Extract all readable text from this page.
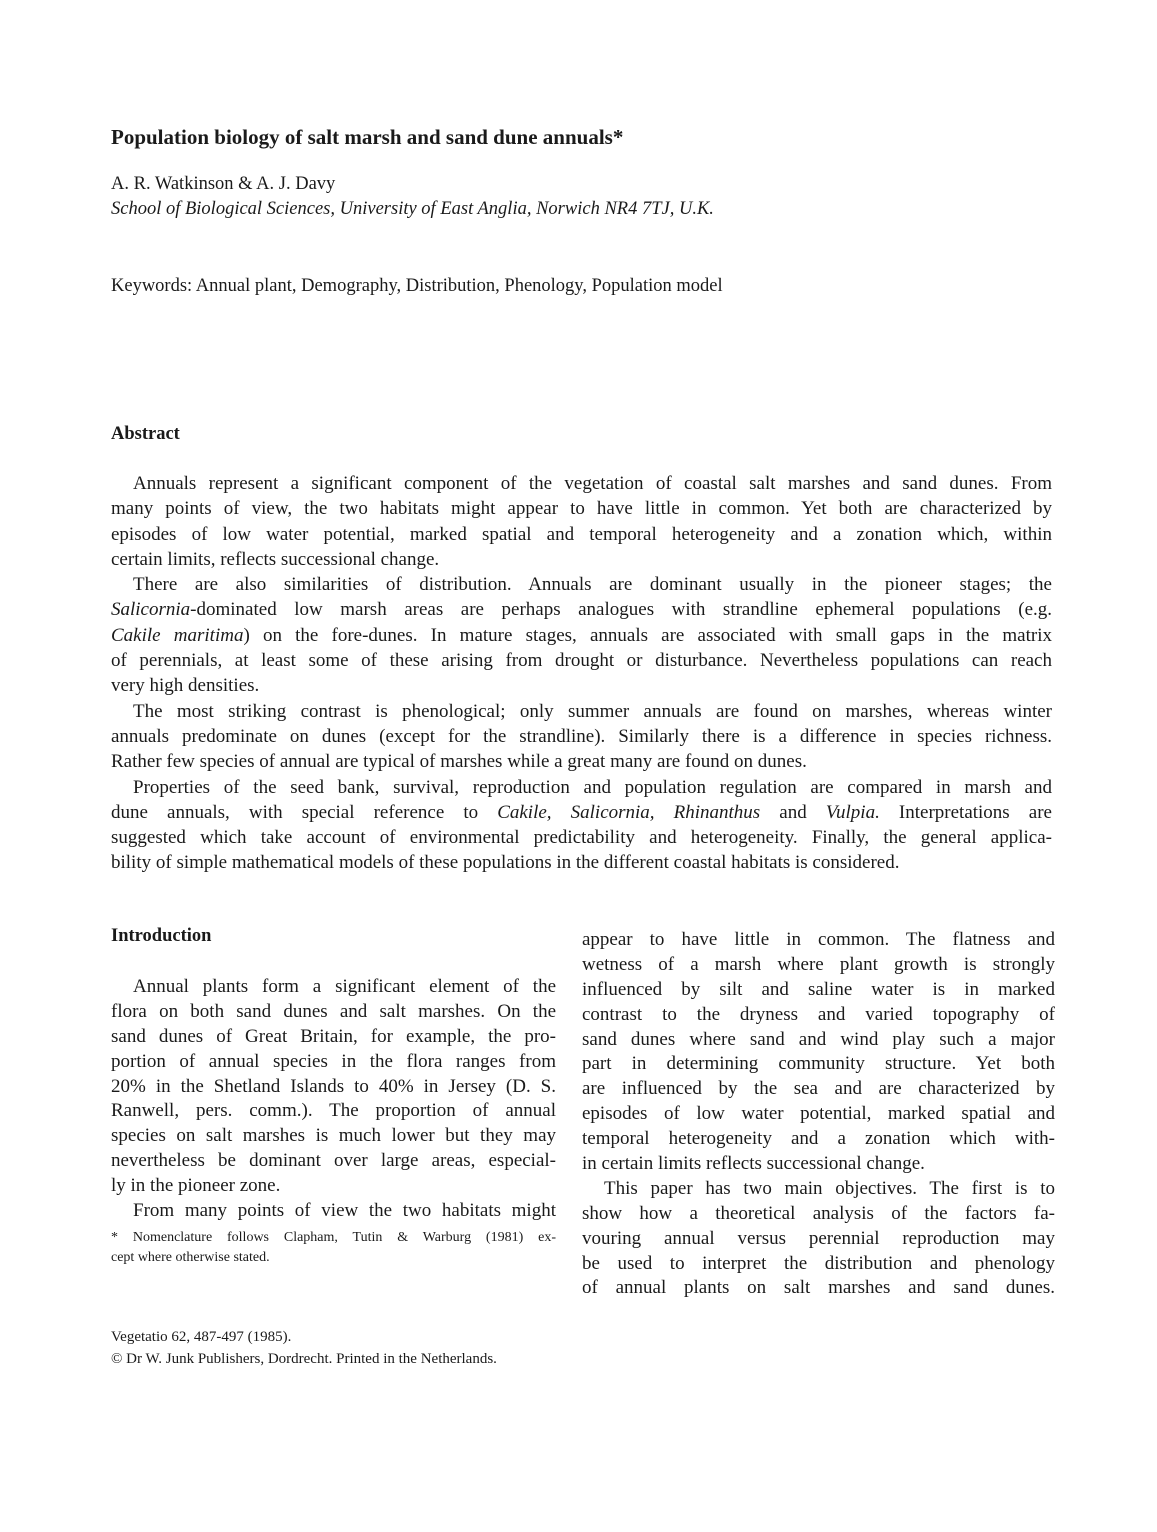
Population biology of salt marsh and sand dune annuals*
A. R. Watkinson & A. J. Davy
School of Biological Sciences, University of East Anglia, Norwich NR4 7TJ, U.K.
Keywords: Annual plant, Demography, Distribution, Phenology, Population model
Abstract
Annuals represent a significant component of the vegetation of coastal salt marshes and sand dunes. From
many points of view, the two habitats might appear to have little in common. Yet both are characterized by
episodes of low water potential, marked spatial and temporal heterogeneity and a zonation which, within
certain limits, reflects successional change.
There are also similarities of distribution. Annuals are dominant usually in the pioneer stages; the
Salicornia-dominated low marsh areas are perhaps analogues with strandline ephemeral populations (e.g.
Cakile maritima) on the fore-dunes. In mature stages, annuals are associated with small gaps in the matrix
of perennials, at least some of these arising from drought or disturbance. Nevertheless populations can reach
very high densities.
The most striking contrast is phenological; only summer annuals are found on marshes, whereas winter
annuals predominate on dunes (except for the strandline). Similarly there is a difference in species richness.
Rather few species of annual are typical of marshes while a great many are found on dunes.
Properties of the seed bank, survival, reproduction and population regulation are compared in marsh and
dune annuals, with special reference to Cakile, Salicornia, Rhinanthus and Vulpia. Interpretations are
suggested which take account of environmental predictability and heterogeneity. Finally, the general applica-
bility of simple mathematical models of these populations in the different coastal habitats is considered.
Introduction
Annual plants form a significant element of the
flora on both sand dunes and salt marshes. On the
sand dunes of Great Britain, for example, the pro-
portion of annual species in the flora ranges from
20% in the Shetland Islands to 40% in Jersey (D. S.
Ranwell, pers. comm.). The proportion of annual
species on salt marshes is much lower but they may
nevertheless be dominant over large areas, especial-
ly in the pioneer zone.
From many points of view the two habitats might
appear to have little in common. The flatness and
wetness of a marsh where plant growth is strongly
influenced by silt and saline water is in marked
contrast to the dryness and varied topography of
sand dunes where sand and wind play such a major
part in determining community structure. Yet both
are influenced by the sea and are characterized by
episodes of low water potential, marked spatial and
temporal heterogeneity and a zonation which with-
in certain limits reflects successional change.
This paper has two main objectives. The first is to
show how a theoretical analysis of the factors fa-
vouring annual versus perennial reproduction may
be used to interpret the distribution and phenology
of annual plants on salt marshes and sand dunes.
* Nomenclature follows Clapham, Tutin & Warburg (1981) ex-
cept where otherwise stated.
Vegetatio 62, 487-497 (1985).
© Dr W. Junk Publishers, Dordrecht. Printed in the Netherlands.
